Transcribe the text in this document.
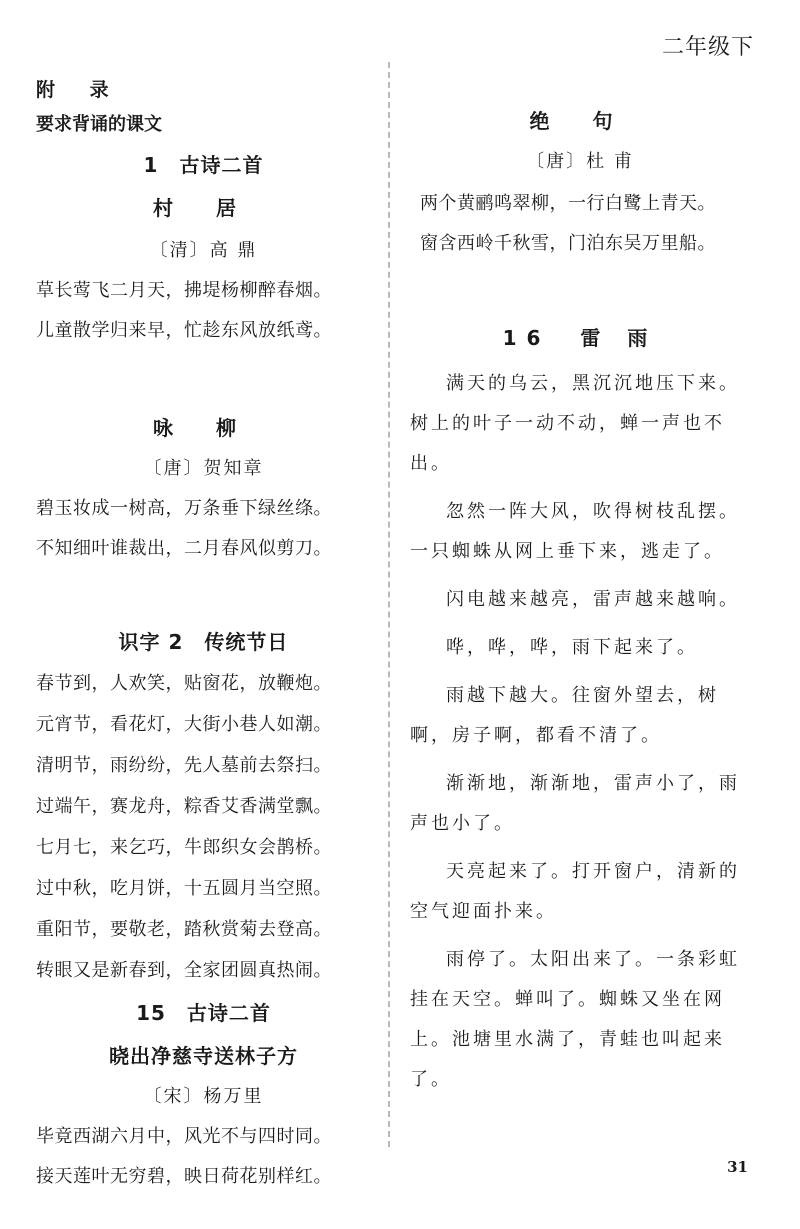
二年级下
附 录
要求背诵的课文
1　古诗二首
村 居
〔清〕高 鼎
草长莺飞二月天，拂堤杨柳醉春烟。
儿童散学归来早，忙趁东风放纸鸢。
咏 柳
〔唐〕贺知章
碧玉妆成一树高，万条垂下绿丝绦。
不知细叶谁裁出，二月春风似剪刀。
识字 2　传统节日
春节到，人欢笑，贴窗花，放鞭炮。
元宵节，看花灯，大街小巷人如潮。
清明节，雨纷纷，先人墓前去祭扫。
过端午，赛龙舟，粽香艾香满堂飘。
七月七，来乞巧，牛郎织女会鹊桥。
过中秋，吃月饼，十五圆月当空照。
重阳节，要敬老，踏秋赏菊去登高。
转眼又是新春到，全家团圆真热闹。
15　古诗二首
晓出净慈寺送林子方
〔宋〕杨万里
毕竟西湖六月中，风光不与四时同。
接天莲叶无穷碧，映日荷花别样红。
绝 句
〔唐〕杜 甫
两个黄鹂鸣翠柳，一行白鹭上青天。
窗含西岭千秋雪，门泊东吴万里船。
16　雷 雨

满天的乌云，黑沉沉地压下来。树上的叶子一动不动，蝉一声也不出。

忽然一阵大风，吹得树枝乱摆。一只蜘蛛从网上垂下来，逃走了。

闪电越来越亮，雷声越来越响。

哗，哗，哗，雨下起来了。

雨越下越大。往窗外望去，树啊，房子啊，都看不清了。

渐渐地，渐渐地，雷声小了，雨声也小了。

天亮起来了。打开窗户，清新的空气迎面扑来。

雨停了。太阳出来了。一条彩虹挂在天空。蝉叫了。蜘蛛又坐在网上。池塘里水满了，青蛙也叫起来了。

31
